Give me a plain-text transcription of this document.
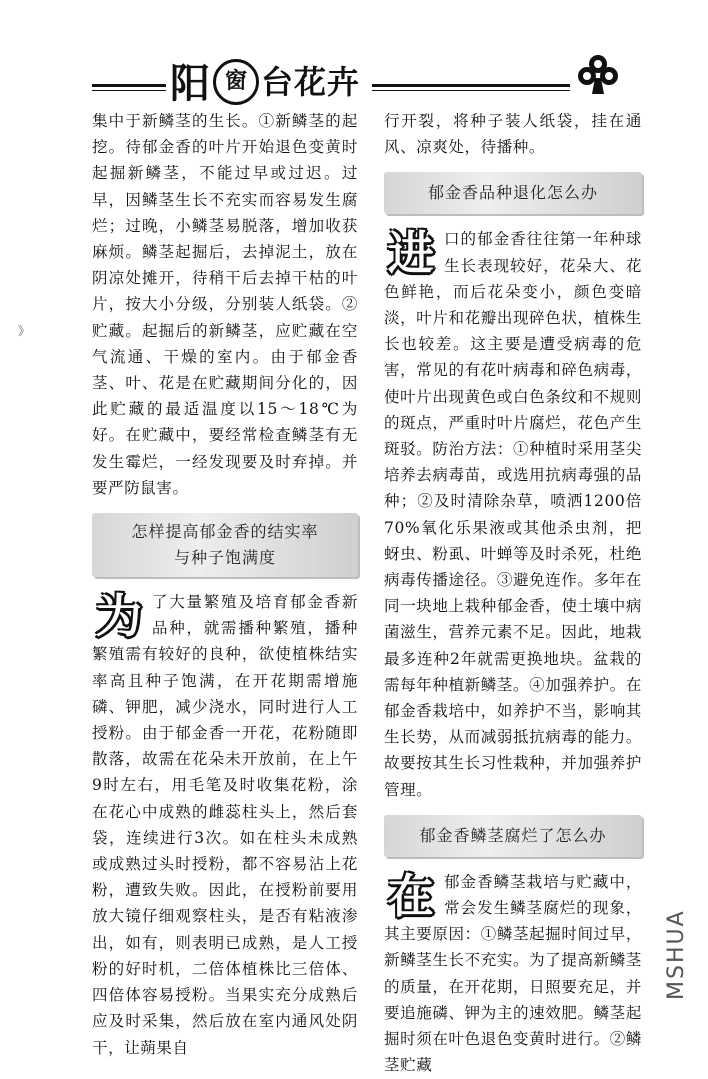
阳 窗 台花卉

集中于新鳞茎的生长。①新鳞茎的起挖。待郁金香的叶片开始退色变黄时起掘新鳞茎，不能过早或过迟。过早，因鳞茎生长不充实而容易发生腐烂；过晚，小鳞茎易脱落，增加收获麻烦。鳞茎起掘后，去掉泥土，放在阴凉处摊开，待稍干后去掉干枯的叶片，按大小分级，分别装人纸袋。②贮藏。起掘后的新鳞茎，应贮藏在空气流通、干燥的室内。由于郁金香茎、叶、花是在贮藏期间分化的，因此贮藏的最适温度以15～18℃为好。在贮藏中，要经常检查鳞茎有无发生霉烂，一经发现要及时弃掉。并要严防鼠害。

怎样提高郁金香的结实率
与种子饱满度

为了大量繁殖及培育郁金香新品种，就需播种繁殖，播种繁殖需有较好的良种，欲使植株结实率高且种子饱满，在开花期需增施磷、钾肥，减少浇水，同时进行人工授粉。由于郁金香一开花，花粉随即散落，故需在花朵未开放前，在上午9时左右，用毛笔及时收集花粉，涂在花心中成熟的雌蕊柱头上，然后套袋，连续进行3次。如在柱头未成熟或成熟过头时授粉，都不容易沾上花粉，遭致失败。因此，在授粉前要用放大镜仔细观察柱头，是否有粘液渗出，如有，则表明已成熟，是人工授粉的好时机，二倍体植株比三倍体、四倍体容易授粉。当果实充分成熟后应及时采集，然后放在室内通风处阴干，让蒴果自

行开裂，将种子装人纸袋，挂在通风、凉爽处，待播种。

郁金香品种退化怎么办

进口的郁金香往往第一年种球生长表现较好，花朵大、花色鲜艳，而后花朵变小，颜色变暗淡，叶片和花瓣出现碎色状，植株生长也较差。这主要是遭受病毒的危害，常见的有花叶病毒和碎色病毒，使叶片出现黄色或白色条纹和不规则的斑点，严重时叶片腐烂，花色产生斑驳。防治方法：①种植时采用茎尖培养去病毒苗，或选用抗病毒强的品种；②及时清除杂草，喷洒1200倍70%氧化乐果液或其他杀虫剂，把蚜虫、粉虱、叶蝉等及时杀死，杜绝病毒传播途径。③避免连作。多年在同一块地上栽种郁金香，使土壤中病菌滋生，营养元素不足。因此，地栽最多连种2年就需更换地块。盆栽的需每年种植新鳞茎。④加强养护。在郁金香栽培中，如养护不当，影响其生长势，从而减弱抵抗病毒的能力。故要按其生长习性栽种，并加强养护管理。

郁金香鳞茎腐烂了怎么办

在郁金香鳞茎栽培与贮藏中，常会发生鳞茎腐烂的现象，其主要原因：①鳞茎起掘时间过早，新鳞茎生长不充实。为了提高新鳞茎的质量，在开花期，日照要充足，并要追施磷、钾为主的速效肥。鳞茎起掘时须在叶色退色变黄时进行。②鳞茎贮藏

》
MSHUA
